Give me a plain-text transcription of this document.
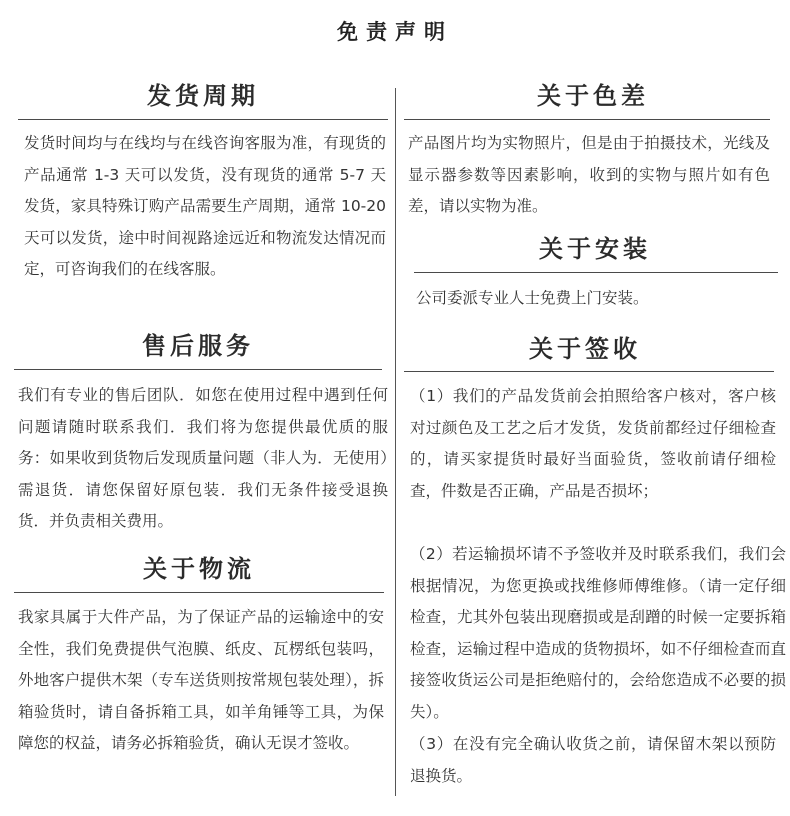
免责声明
发货周期

发货时间均与在线均与在线咨询客服为准，有现货的产品通常 1-3 天可以发货，没有现货的通常 5-7 天发货，家具特殊订购产品需要生产周期，通常 10-20 天可以发货，途中时间视路途远近和物流发达情况而定，可咨询我们的在线客服。

售后服务

我们有专业的售后团队．如您在使用过程中遇到任何问题请随时联系我们．我们将为您提供最优质的服务：如果收到货物后发现质量问题（非人为．无使用）需退货．请您保留好原包装．我们无条件接受退换货．并负责相关费用。

关于物流

我家具属于大件产品，为了保证产品的运输途中的安全性，我们免费提供气泡膜、纸皮、瓦楞纸包装吗，外地客户提供木架（专车送货则按常规包装处理），拆箱验货时，请自备拆箱工具，如羊角锤等工具，为保障您的权益，请务必拆箱验货，确认无误才签收。

关于色差

产品图片均为实物照片，但是由于拍摄技术，光线及显示器参数等因素影响，收到的实物与照片如有色差，请以实物为准。

关于安装

公司委派专业人士免费上门安装。

关于签收

（1）我们的产品发货前会拍照给客户核对，客户核对过颜色及工艺之后才发货，发货前都经过仔细检查的，请买家提货时最好当面验货，签收前请仔细检查，件数是否正确，产品是否损坏；

（2）若运输损坏请不予签收并及时联系我们，我们会根据情况，为您更换或找维修师傅维修。（请一定仔细检查，尤其外包装出现磨损或是刮蹭的时候一定要拆箱检查，运输过程中造成的货物损坏，如不仔细检查而直接签收货运公司是拒绝赔付的，会给您造成不必要的损失）。

（3）在没有完全确认收货之前，请保留木架以预防退换货。
